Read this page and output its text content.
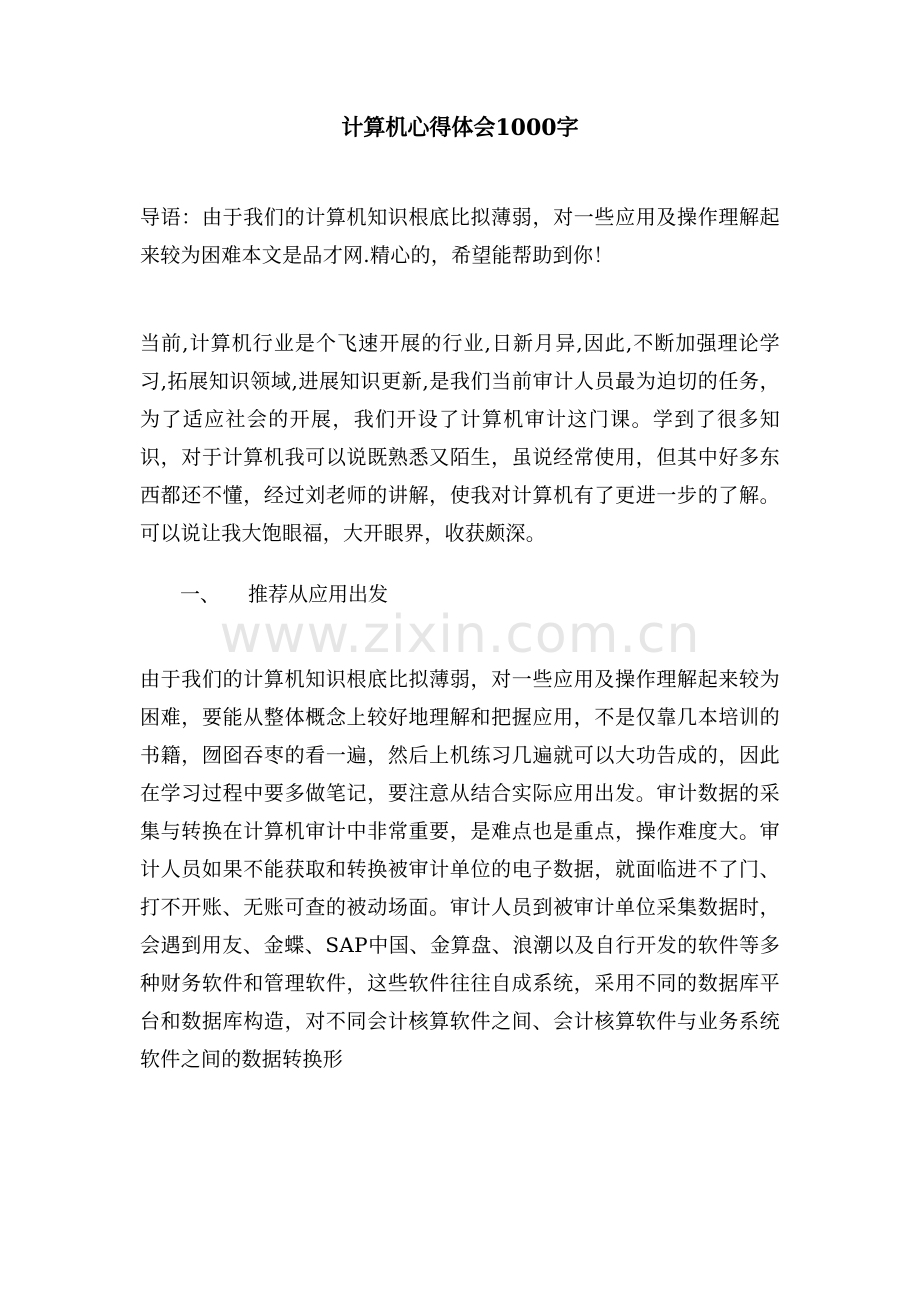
计算机心得体会1000字

导语：由于我们的计算机知识根底比拟薄弱，对一些应用及操作理解起来较为困难本文是品才网.精心的，希望能帮助到你！

当前,计算机行业是个飞速开展的行业,日新月异,因此,不断加强理论学习,拓展知识领域,进展知识更新,是我们当前审计人员最为迫切的任务，为了适应社会的开展，我们开设了计算机审计这门课。学到了很多知识，对于计算机我可以说既熟悉又陌生，虽说经常使用，但其中好多东西都还不懂，经过刘老师的讲解，使我对计算机有了更进一步的了解。可以说让我大饱眼福，大开眼界，收获颇深。

一、 推荐从应用出发
www.zixin.com.cn

由于我们的计算机知识根底比拟薄弱，对一些应用及操作理解起来较为困难，要能从整体概念上较好地理解和把握应用，不是仅靠几本培训的书籍，囫囵吞枣的看一遍，然后上机练习几遍就可以大功告成的，因此在学习过程中要多做笔记，要注意从结合实际应用出发。审计数据的采集与转换在计算机审计中非常重要，是难点也是重点，操作难度大。审计人员如果不能获取和转换被审计单位的电子数据，就面临进不了门、打不开账、无账可查的被动场面。审计人员到被审计单位采集数据时，会遇到用友、金蝶、SAP中国、金算盘、浪潮以及自行开发的软件等多种财务软件和管理软件，这些软件往往自成系统，采用不同的数据库平台和数据库构造，对不同会计核算软件之间、会计核算软件与业务系统软件之间的数据转换形
